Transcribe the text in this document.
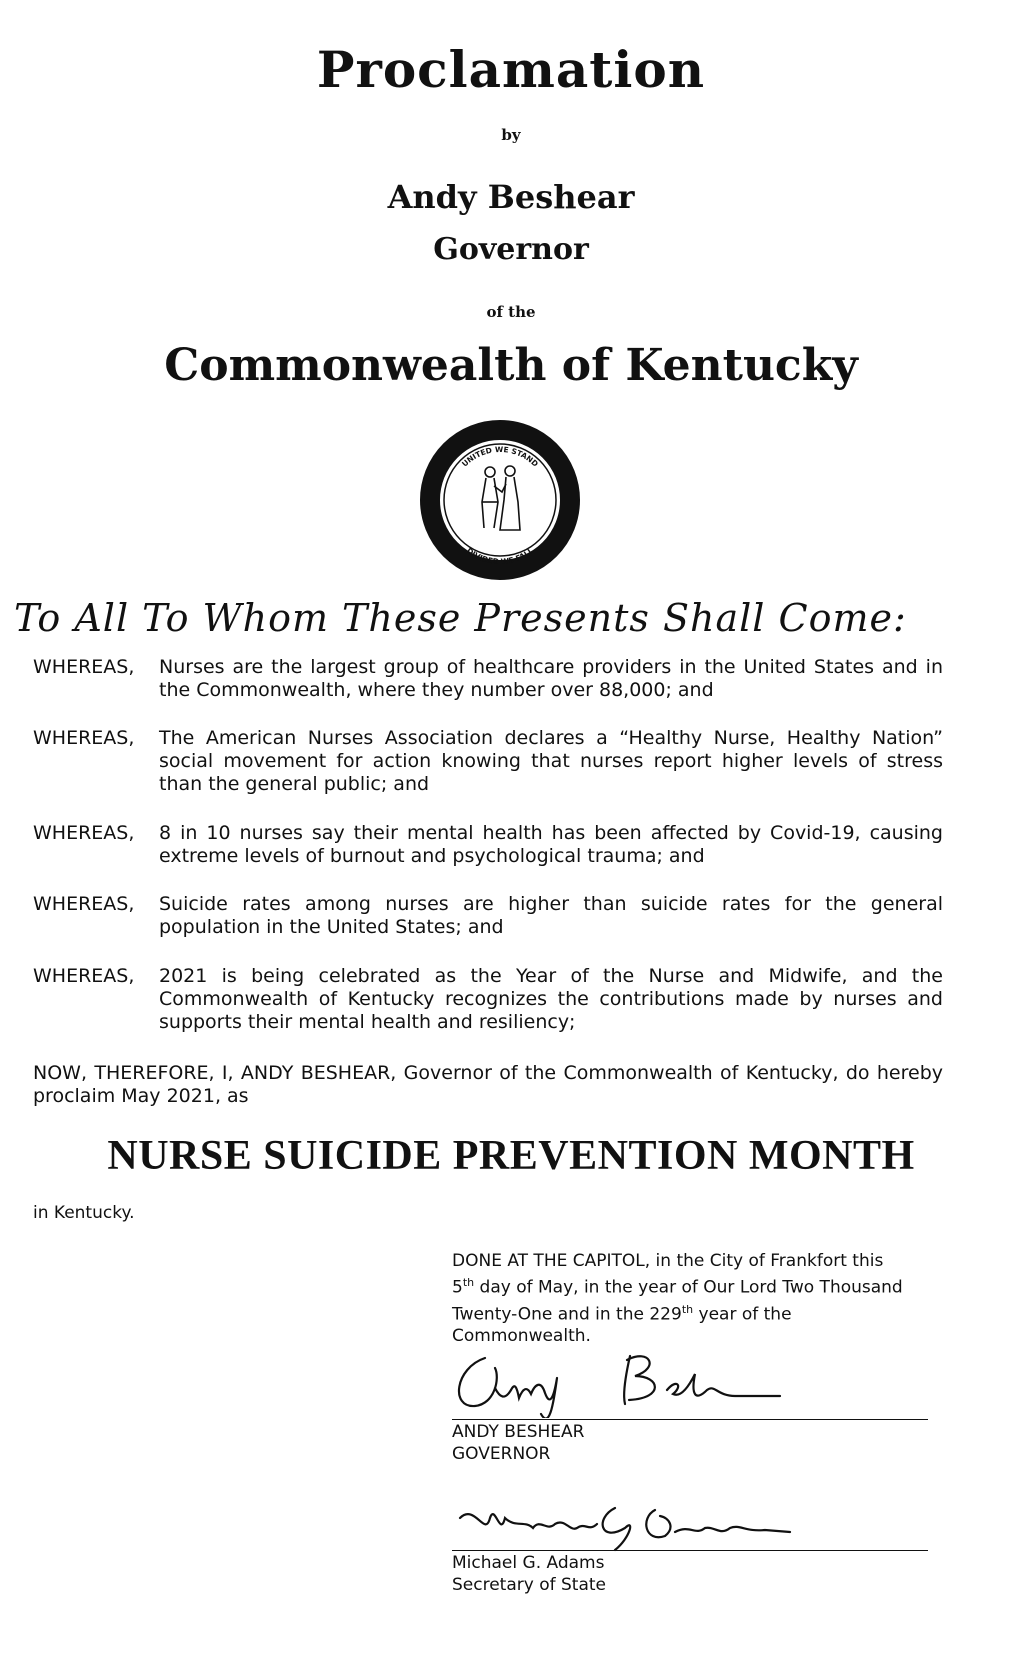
Proclamation
by
Andy Beshear
Governor
of the
Commonwealth of Kentucky
UNITED WE STAND
DIVIDED WE FALL
To All To Whom These Presents Shall Come:
WHEREAS, Nurses are the largest group of healthcare providers in the United States and in the Commonwealth, where they number over 88,000; and
WHEREAS, The American Nurses Association declares a “Healthy Nurse, Healthy Nation” social movement for action knowing that nurses report higher levels of stress than the general public; and
WHEREAS, 8 in 10 nurses say their mental health has been affected by Covid-19, causing extreme levels of burnout and psychological trauma; and
WHEREAS, Suicide rates among nurses are higher than suicide rates for the general population in the United States; and
WHEREAS, 2021 is being celebrated as the Year of the Nurse and Midwife, and the Commonwealth of Kentucky recognizes the contributions made by nurses and supports their mental health and resiliency;
NOW, THEREFORE, I, ANDY BESHEAR, Governor of the Commonwealth of Kentucky, do hereby proclaim May 2021, as
NURSE SUICIDE PREVENTION MONTH
in Kentucky.
DONE AT THE CAPITOL, in the City of Frankfort this
5th day of May, in the year of Our Lord Two Thousand
Twenty-One and in the 229th year of the
Commonwealth.
ANDY BESHEAR
GOVERNOR
Michael G. Adams
Secretary of State
